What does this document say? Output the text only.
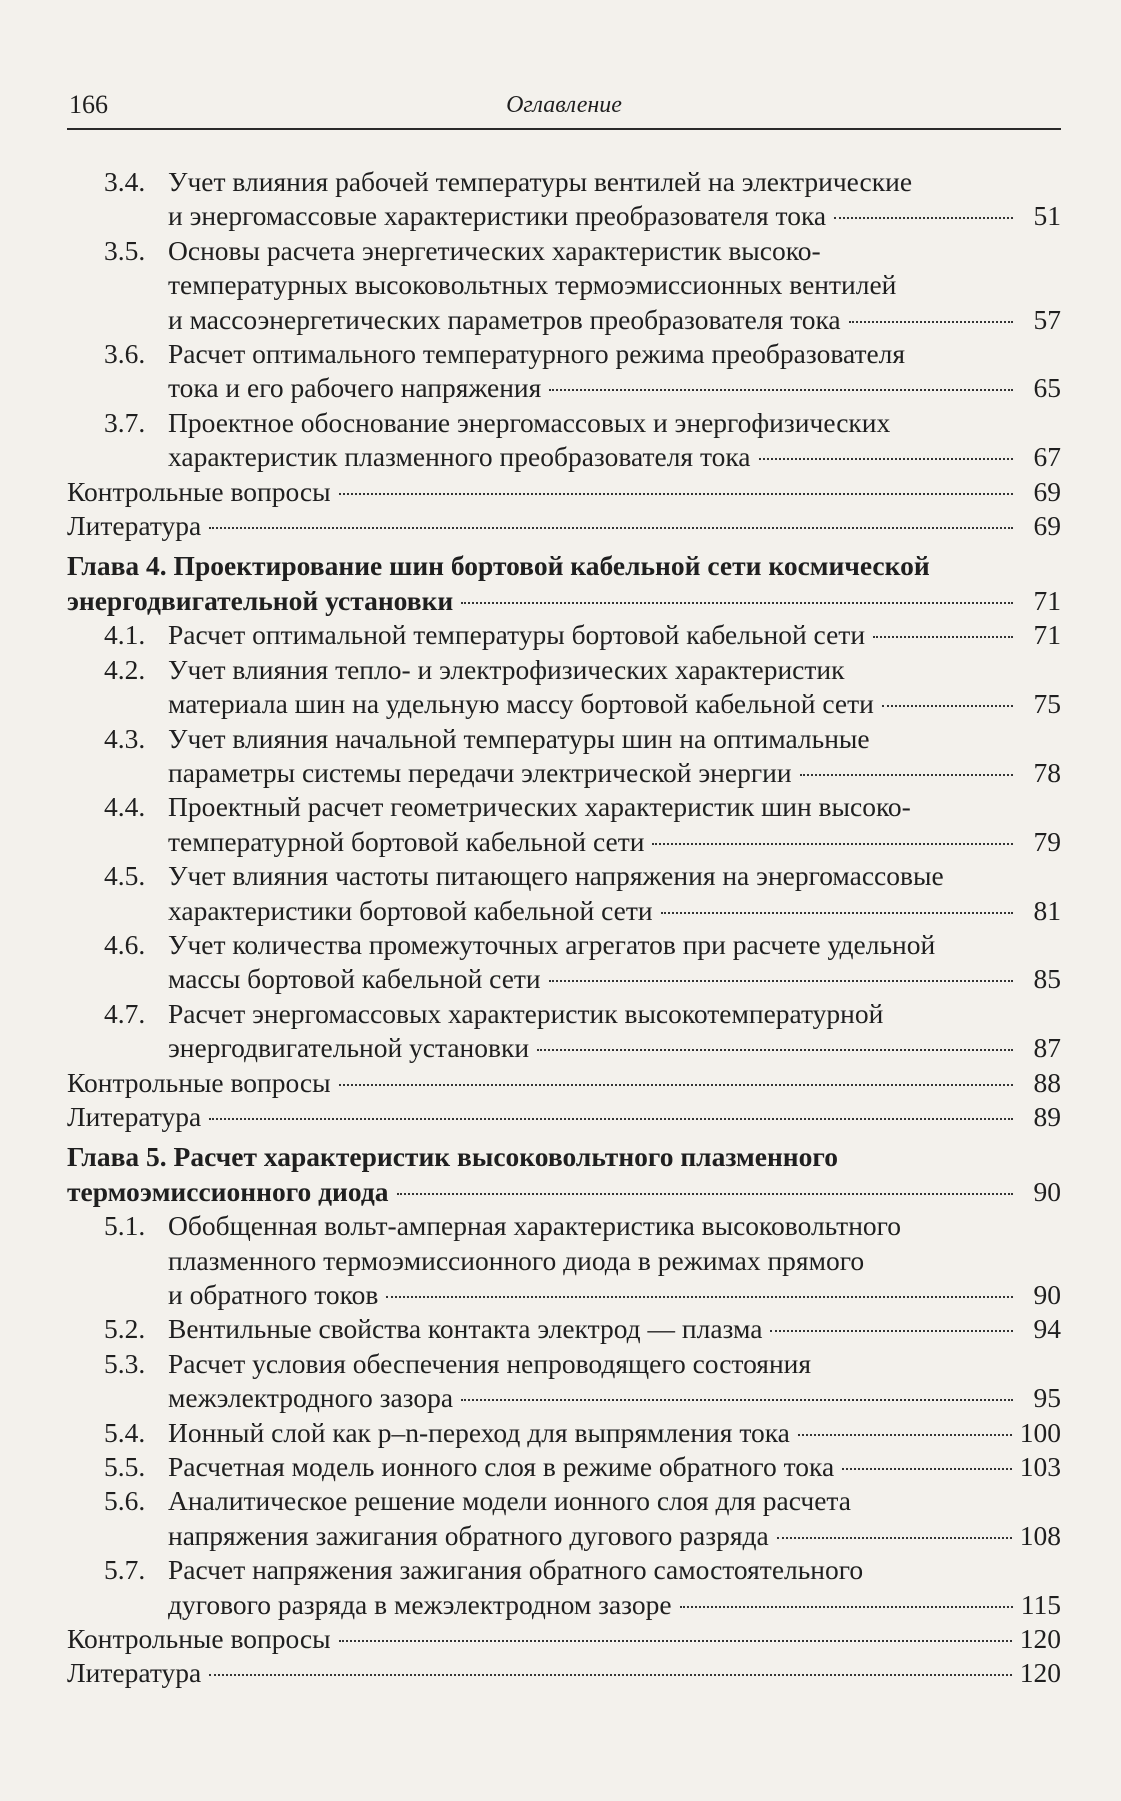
166	Оглавление
3.4. Учет влияния рабочей температуры вентилей на электрические
и энергомассовые характеристики преобразователя тока	51
3.5. Основы расчета энергетических характеристик высоко-
температурных высоковольтных термоэмиссионных вентилей
и массоэнергетических параметров преобразователя тока	57
3.6. Расчет оптимального температурного режима преобразователя
тока и его рабочего напряжения	65
3.7. Проектное обоснование энергомассовых и энергофизических
характеристик плазменного преобразователя тока	67
Контрольные вопросы	69
Литература	69
Глава 4. Проектирование шин бортовой кабельной сети космической
энергодвигательной установки	71
4.1. Расчет оптимальной температуры бортовой кабельной сети	71
4.2. Учет влияния тепло- и электрофизических характеристик
материала шин на удельную массу бортовой кабельной сети	75
4.3. Учет влияния начальной температуры шин на оптимальные
параметры системы передачи электрической энергии	78
4.4. Проектный расчет геометрических характеристик шин высоко-
температурной бортовой кабельной сети	79
4.5. Учет влияния частоты питающего напряжения на энергомассовые
характеристики бортовой кабельной сети	81
4.6. Учет количества промежуточных агрегатов при расчете удельной
массы бортовой кабельной сети	85
4.7. Расчет энергомассовых характеристик высокотемпературной
энергодвигательной установки	87
Контрольные вопросы	88
Литература	89
Глава 5. Расчет характеристик высоковольтного плазменного
термоэмиссионного диода	90
5.1. Обобщенная вольт-амперная характеристика высоковольтного
плазменного термоэмиссионного диода в режимах прямого
и обратного токов	90
5.2. Вентильные свойства контакта электрод — плазма	94
5.3. Расчет условия обеспечения непроводящего состояния
межэлектродного зазора	95
5.4. Ионный слой как p–n-переход для выпрямления тока	100
5.5. Расчетная модель ионного слоя в режиме обратного тока	103
5.6. Аналитическое решение модели ионного слоя для расчета
напряжения зажигания обратного дугового разряда	108
5.7. Расчет напряжения зажигания обратного самостоятельного
дугового разряда в межэлектродном зазоре	115
Контрольные вопросы	120
Литература	120
